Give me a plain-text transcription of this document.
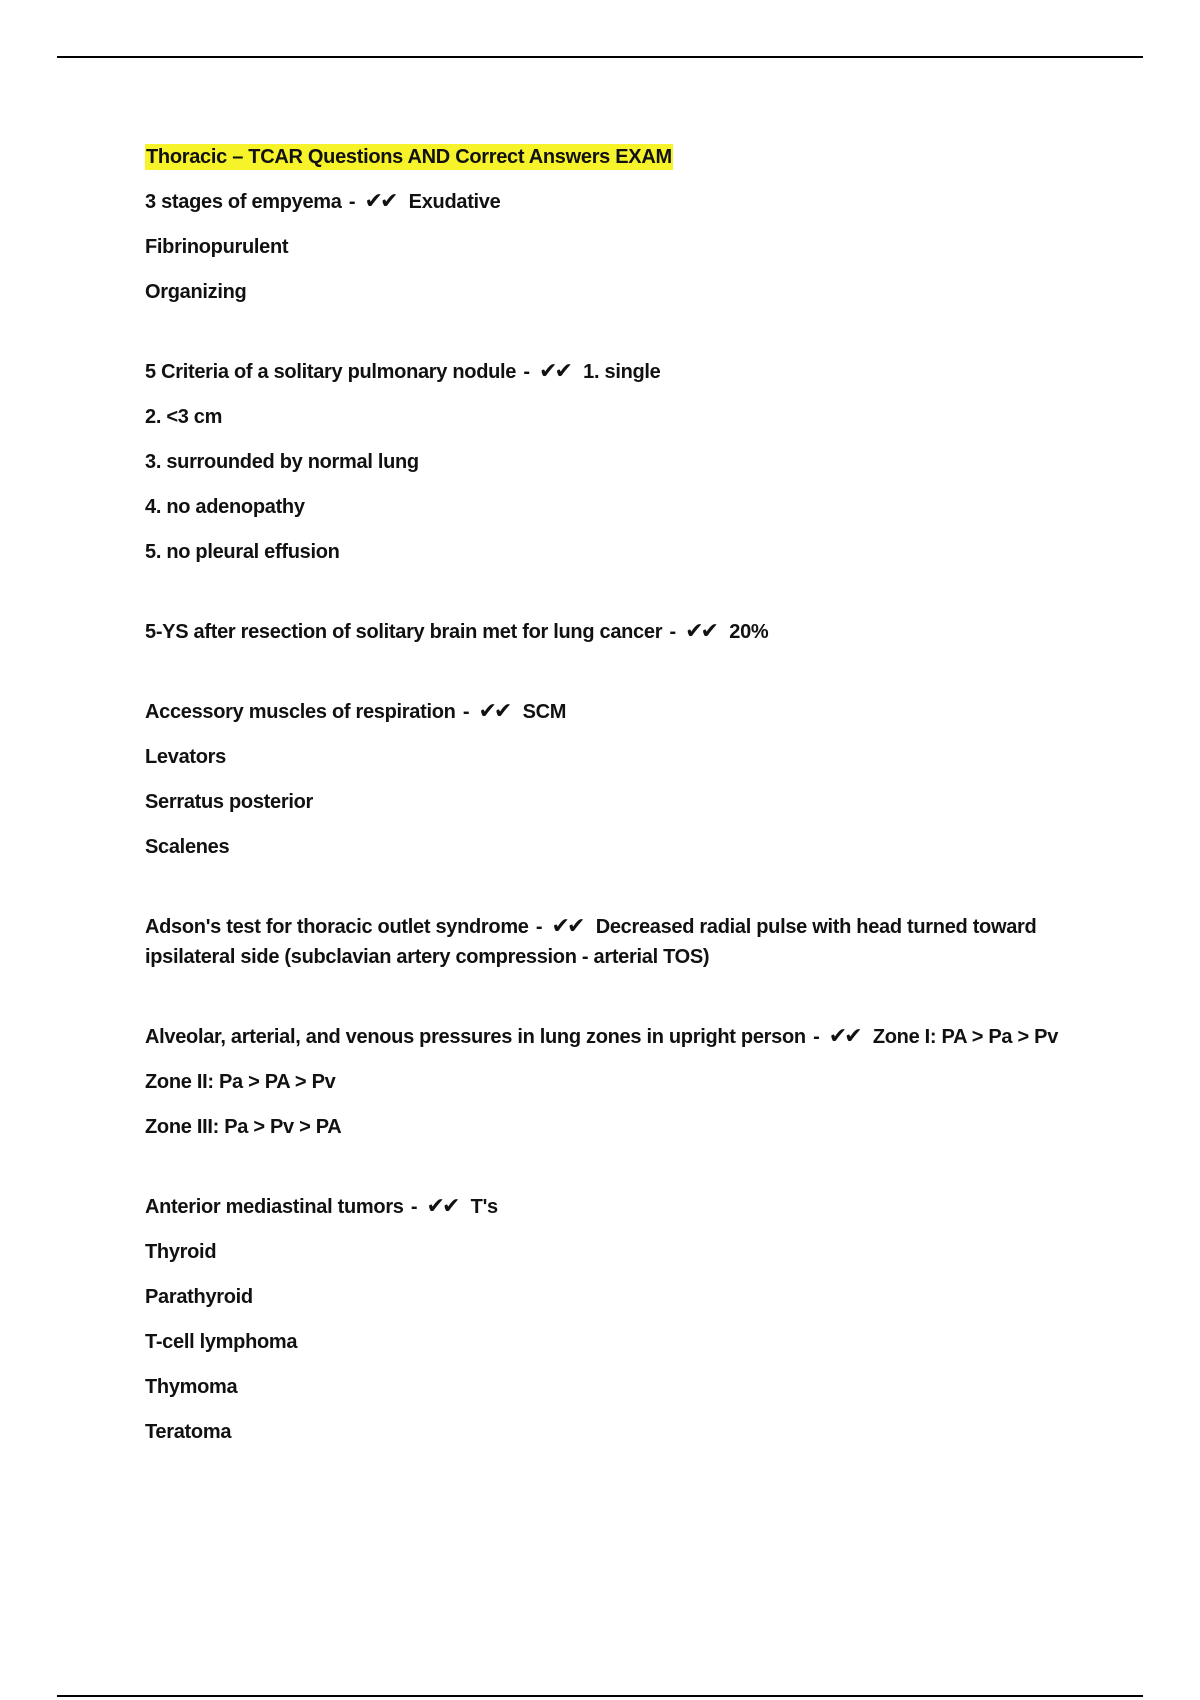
Thoracic – TCAR Questions AND Correct Answers EXAM
3 stages of empyema - ✔✔ Exudative
Fibrinopurulent
Organizing
5 Criteria of a solitary pulmonary nodule - ✔✔ 1. single
2. <3 cm
3. surrounded by normal lung
4. no adenopathy
5. no pleural effusion
5-YS after resection of solitary brain met for lung cancer - ✔✔ 20%
Accessory muscles of respiration - ✔✔ SCM
Levators
Serratus posterior
Scalenes
Adson's test for thoracic outlet syndrome - ✔✔ Decreased radial pulse with head turned toward ipsilateral side (subclavian artery compression - arterial TOS)
Alveolar, arterial, and venous pressures in lung zones in upright person - ✔✔ Zone I: PA > Pa > Pv
Zone II: Pa > PA > Pv
Zone III: Pa > Pv > PA
Anterior mediastinal tumors - ✔✔ T's
Thyroid
Parathyroid
T-cell lymphoma
Thymoma
Teratoma
